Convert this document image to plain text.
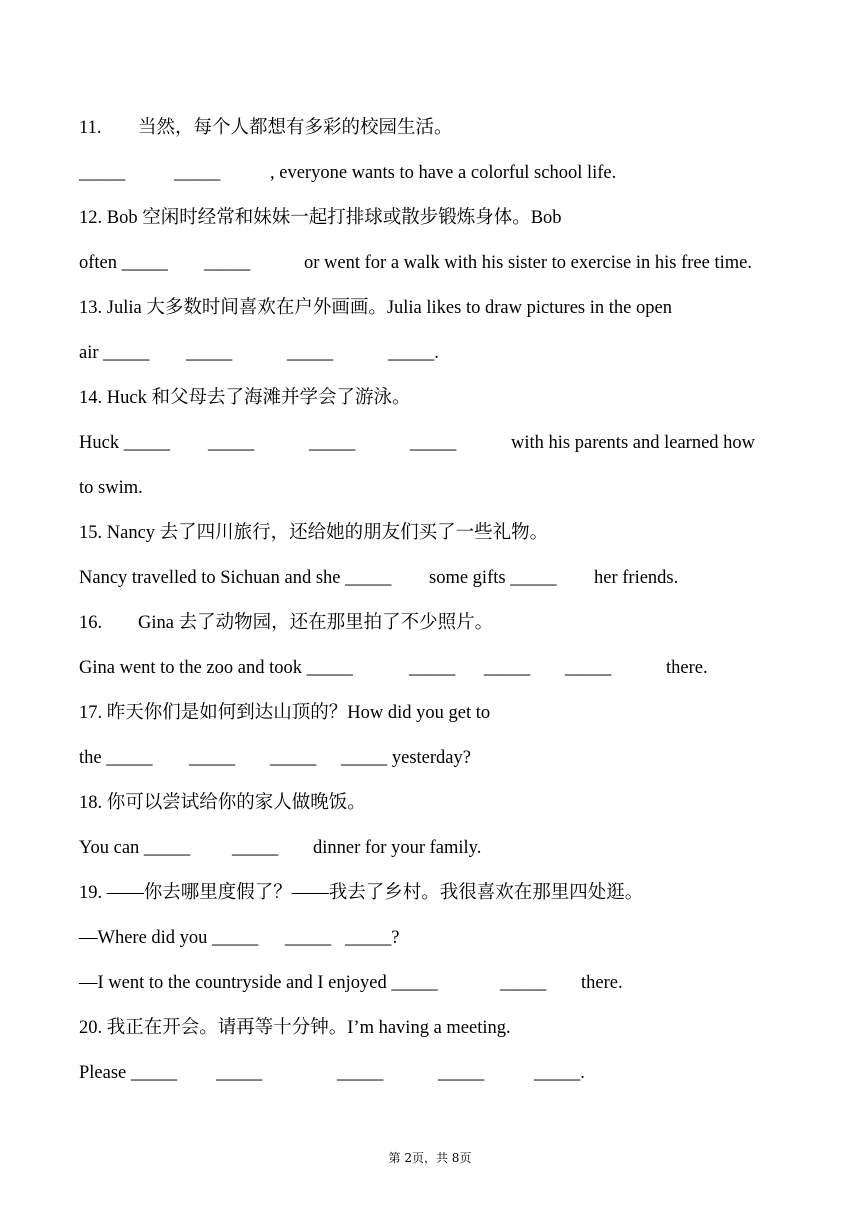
11. 当然，每个人都想有多彩的校园生活。
_____	_____	, everyone wants to have a colorful school life.
12. Bob 空闲时经常和妹妹一起打排球或散步锻炼身体。Bob
often _____ _____	or went for a walk with his sister to exercise in his free time.
13. Julia 大多数时间喜欢在户外画画。Julia likes to draw pictures in the open
air _____ _____	_____	_____.
14. Huck 和父母去了海滩并学会了游泳。
Huck _____ _____	_____	_____	with his parents and learned how
to swim.
15. Nancy 去了四川旅行，还给她的朋友们买了一些礼物。
Nancy travelled to Sichuan and she _____ some gifts _____ her friends.
16. Gina 去了动物园，还在那里拍了不少照片。
Gina went to the zoo and took _____	_____ _____ _____	there.
17. 昨天你们是如何到达山顶的？How did you get to
the _____ _____ _____ _____ yesterday?
18. 你可以尝试给你的家人做晚饭。
You can _____ _____ dinner for your family.
19. ——你去哪里度假了？——我去了乡村。我很喜欢在那里四处逛。
—Where did you _____ _____ _____?
—I went to the countryside and I enjoyed _____	_____ there.
20. 我正在开会。请再等十分钟。I’m having a meeting.
Please _____ _____	_____	_____	_____.
第 2页，共 8页
